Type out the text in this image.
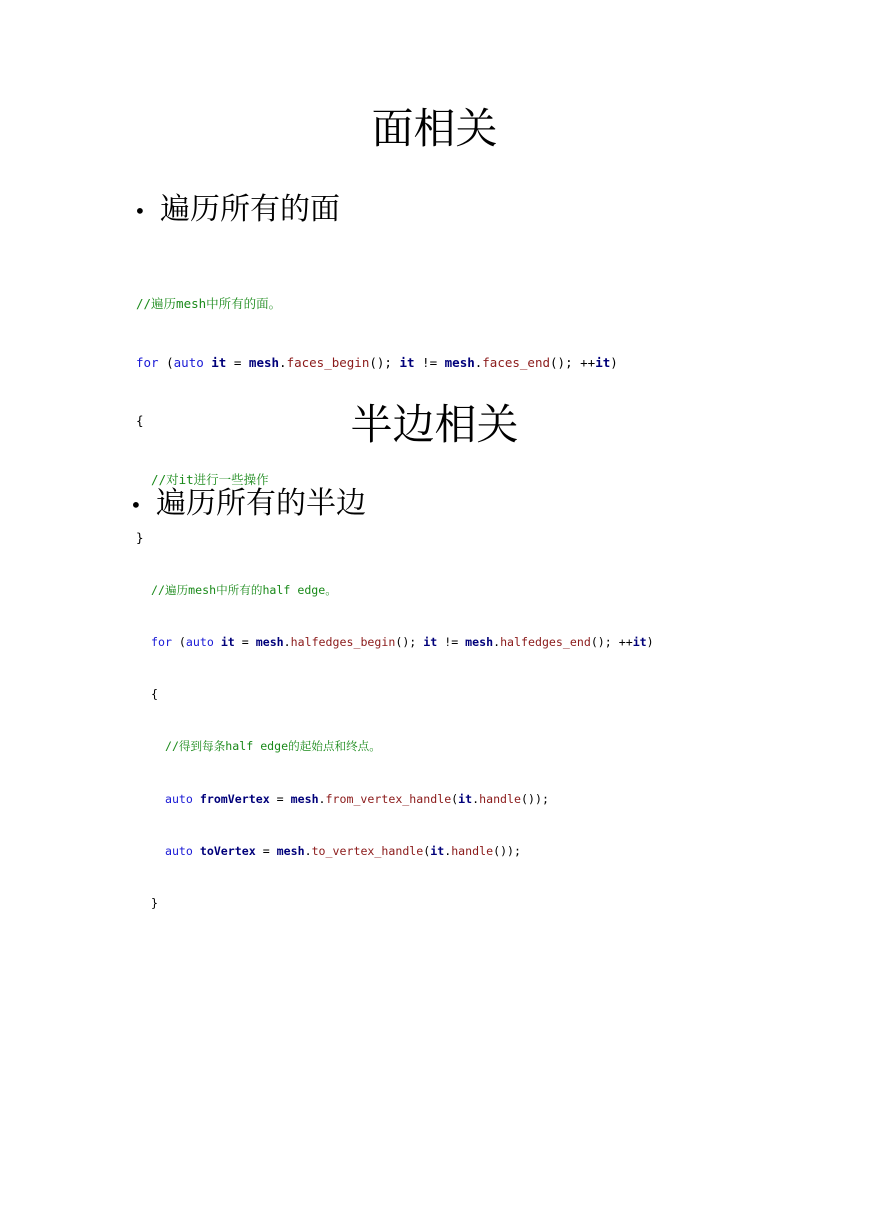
面相关
• 遍历所有的面

//遍历mesh中所有的面。

for (auto it = mesh.faces_begin(); it != mesh.faces_end(); ++it)

{

//对it进行一些操作

}

半边相关
• 遍历所有的半边

//遍历mesh中所有的half edge。

for (auto it = mesh.halfedges_begin(); it != mesh.halfedges_end(); ++it)

{

//得到每条half edge的起始点和终点。

auto fromVertex = mesh.from_vertex_handle(it.handle());

auto toVertex = mesh.to_vertex_handle(it.handle());

}
